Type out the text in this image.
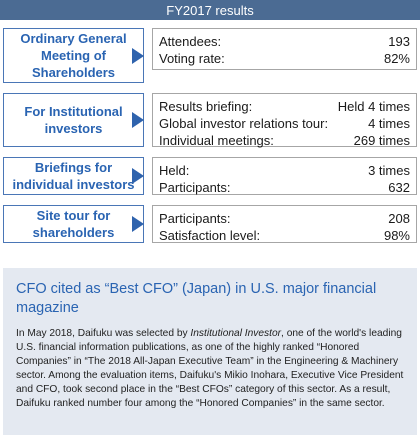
FY2017 results
Ordinary General Meeting of Shareholders
Attendees:	193
Voting rate:	82%
For Institutional investors
Results briefing:	Held 4 times
Global investor relations tour:	4 times
Individual meetings:	269 times
Briefings for individual investors
Held:	3 times
Participants:	632
Site tour for shareholders
Participants:	208
Satisfaction level:	98%
CFO cited as “Best CFO” (Japan) in U.S. major financial magazine
In May 2018, Daifuku was selected by Institutional Investor, one of the world's leading U.S. financial information publications, as one of the highly ranked “Honored Companies” in “The 2018 All-Japan Executive Team” in the Engineering & Machinery sector. Among the evaluation items, Daifuku's Mikio Inohara, Executive Vice President and CFO, took second place in the “Best CFOs” category of this sector. As a result, Daifuku ranked number four among the “Honored Companies” in the same sector.
